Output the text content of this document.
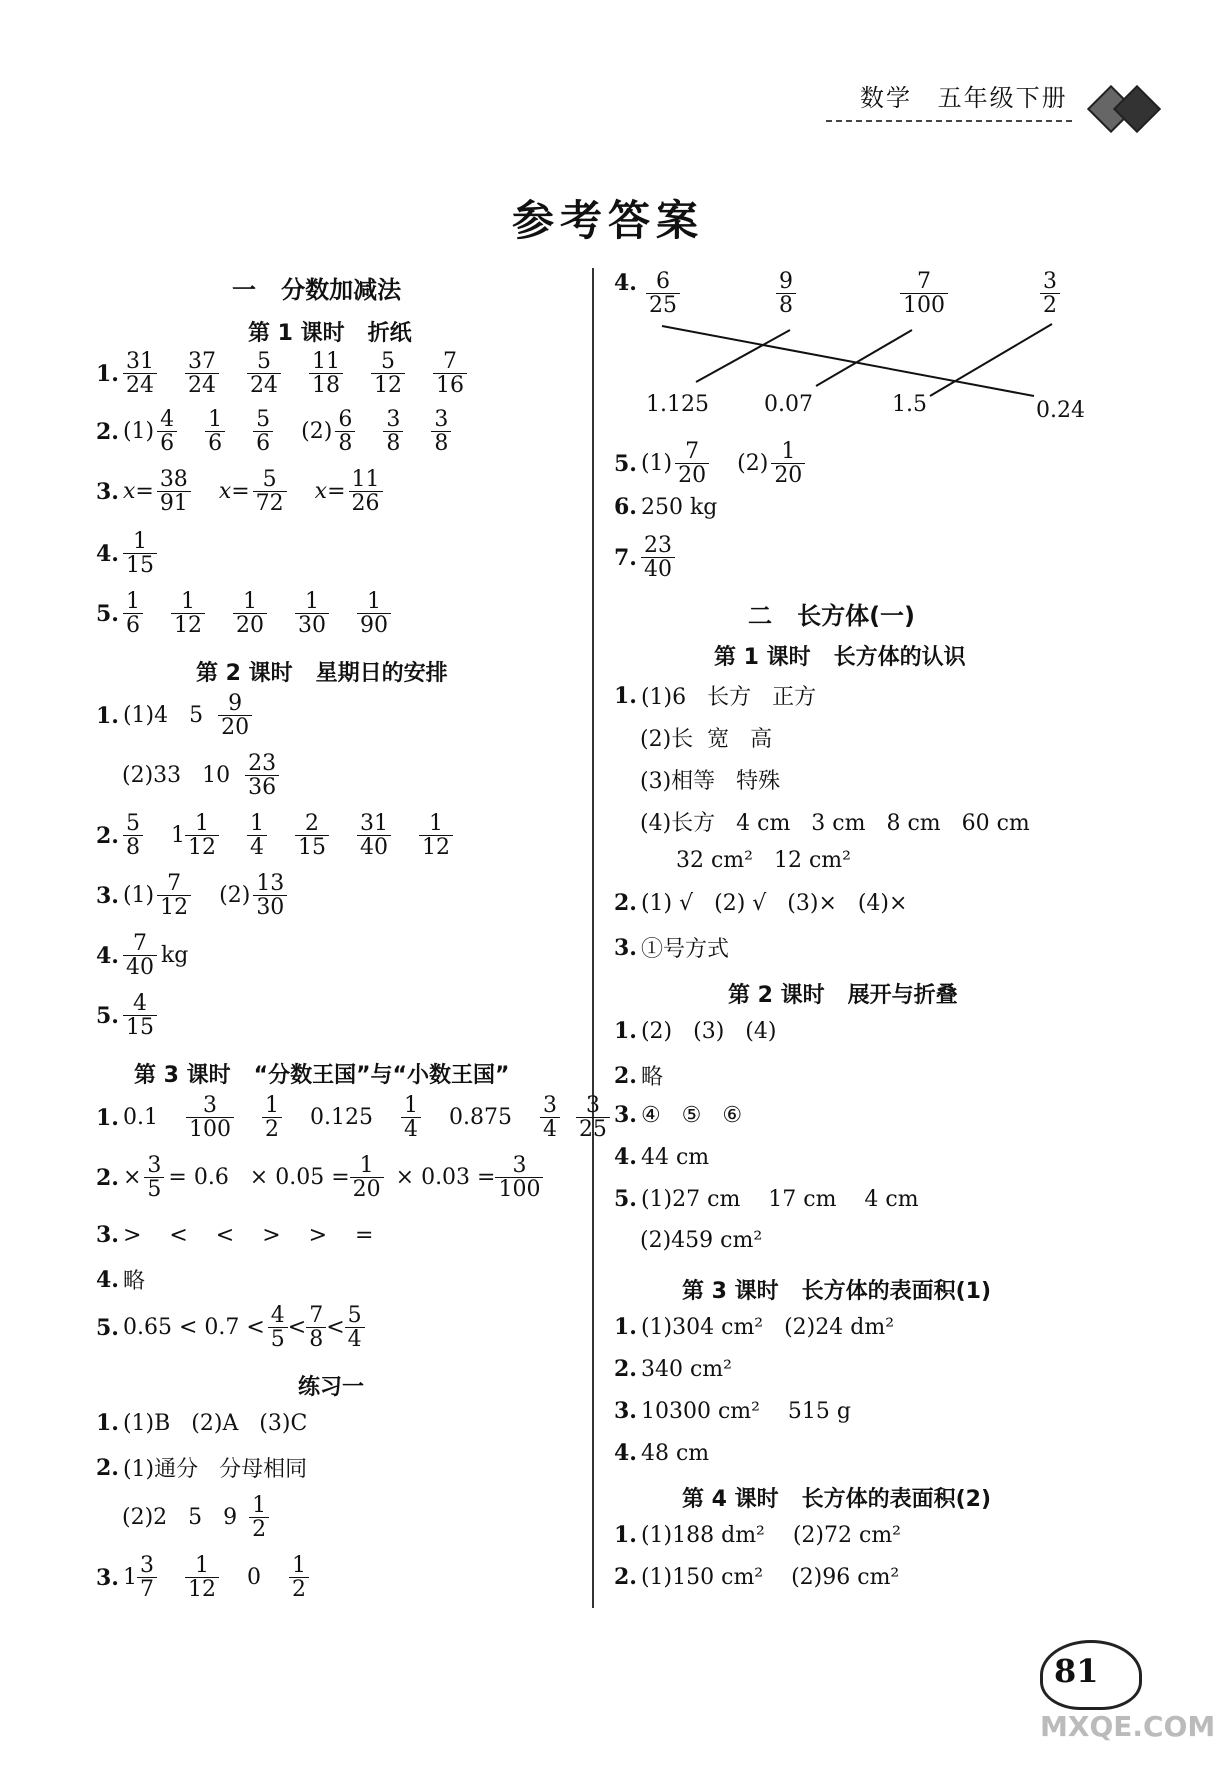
数学 五年级下册
参考答案
一   分数加减法
第 1 课时   折纸
1. $\frac{31}{24} \frac{37}{24} \frac{5}{24} \frac{11}{18} \frac{5}{12} \frac{7}{16}$
2. $(1) \frac{4}{6} \frac{1}{6} \frac{5}{6} (2) \frac{6}{8} \frac{3}{8} \frac{3}{8}$
3. $x= \frac{38}{91} x= \frac{5}{72} x= \frac{11}{26}$
4. $\frac{1}{15}$
5. $\frac{1}{6} \frac{1}{12} \frac{1}{20} \frac{1}{30} \frac{1}{90}$
第 2 课时   星期日的安排
1. (1)4   $5 \frac{9}{20}$
(2)33   $10 \frac{23}{36}$
2. $\frac{5}{8} 1 \frac{1}{12} \frac{1}{4} \frac{2}{15} \frac{31}{40} \frac{1}{12}$
3. $(1) \frac{7}{12} (2) \frac{13}{30}$
4. $\frac{7}{40}$ kg
5. $\frac{4}{15}$
第 3 课时   “分数王国”与“小数王国”
1. $0.1 \frac{3}{100} \frac{1}{2} 0.125 \frac{1}{4} 0.875 \frac{3}{4} \frac{3}{25}$
2. × $\frac{3}{5} = 0.6 \times 0.05 = \frac{1}{20} \times 0.03 = \frac{3}{100}$
3. >    <    <    >    >    =
4. 略
5. $0.65 < 0.7 < \frac{4}{5} < \frac{7}{8} < \frac{5}{4}$
练习一
1. (1)B   (2)A   (3)C
2. (1)通分   分母相同
(2)2   5   $9 \frac{1}{2}$
3. $1 \frac{3}{7} \frac{1}{12} 0 \frac{1}{2}$
4. $\frac{6}{25}$	$\frac{9}{8}$	$\frac{7}{100}$	$\frac{3}{2}$
1.125	0.07	1.5	0.24
5. $(1) \frac{7}{20} (2) \frac{1}{20}$
6. 250 kg
7. $\frac{23}{40}$
二   长方体(一)
第 1 课时   长方体的认识
1. (1)6   长方   正方
(2)长  宽   高
(3)相等   特殊
(4)长方   4 cm   3 cm   8 cm   60 cm
32 cm²   12 cm²
2. (1) √   (2) √   (3)×   (4)×
3. ①号方式
第 2 课时   展开与折叠
1. (2)   (3)   (4)
2. 略
3. ④   ⑤   ⑥
4. 44 cm
5. (1)27 cm    17 cm    4 cm
(2)459 cm²
第 3 课时   长方体的表面积(1)
1. (1)304 cm²   (2)24 dm²
2. 340 cm²
3. 10300 cm²    515 g
4. 48 cm
第 4 课时   长方体的表面积(2)
1. (1)188 dm²    (2)72 cm²
2. (1)150 cm²    (2)96 cm²
81
MXQE.COM
